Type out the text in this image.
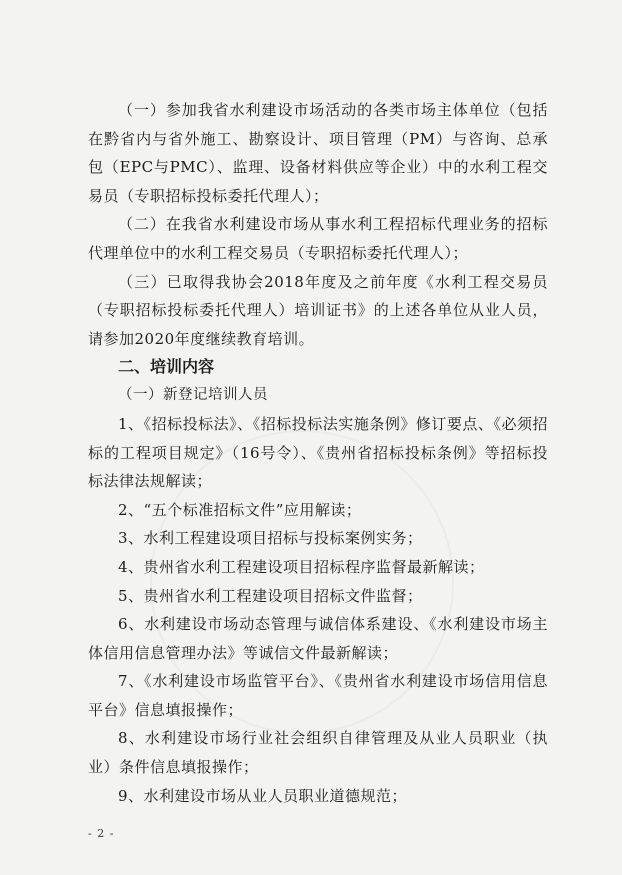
（一）参加我省水利建设市场活动的各类市场主体单位（包括在黔省内与省外施工、勘察设计、项目管理（PM）与咨询、总承包（EPC与PMC）、监理、设备材料供应等企业）中的水利工程交易员（专职招标投标委托代理人）；

（二）在我省水利建设市场从事水利工程招标代理业务的招标代理单位中的水利工程交易员（专职招标委托代理人）；

（三）已取得我协会2018年度及之前年度《水利工程交易员（专职招标投标委托代理人）培训证书》的上述各单位从业人员，请参加2020年度继续教育培训。

二、培训内容

（一）新登记培训人员

1、《招标投标法》、《招标投标法实施条例》修订要点、《必须招标的工程项目规定》（16号令）、《贵州省招标投标条例》等招标投标法律法规解读；

2、“五个标准招标文件”应用解读；

3、水利工程建设项目招标与投标案例实务；

4、贵州省水利工程建设项目招标程序监督最新解读；

5、贵州省水利工程建设项目招标文件监督；

6、水利建设市场动态管理与诚信体系建设、《水利建设市场主体信用信息管理办法》等诚信文件最新解读；

7、《水利建设市场监管平台》、《贵州省水利建设市场信用信息平台》信息填报操作；

8、水利建设市场行业社会组织自律管理及从业人员职业（执业）条件信息填报操作；

9、水利建设市场从业人员职业道德规范；

- 2 -
